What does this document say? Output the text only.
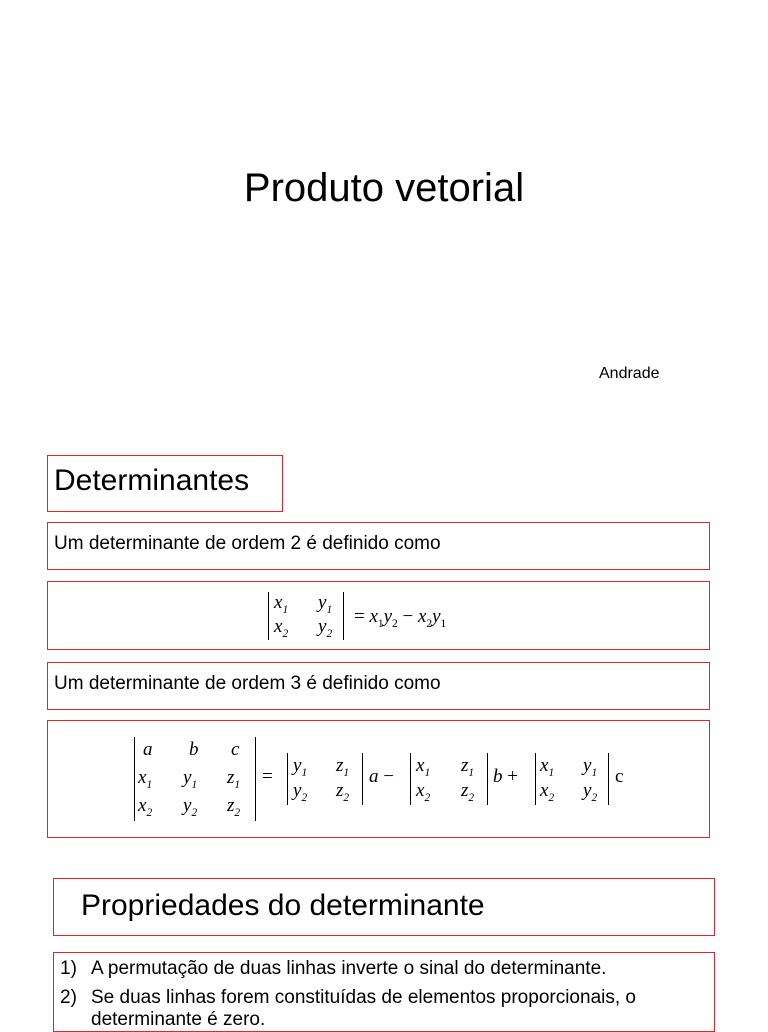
Produto vetorial
Andrade
Determinantes
Um determinante de ordem 2 é definido como
$x_1$ $y_1$
$x_2$ $y_2$
= $x_1y_2 - x_2y_1$
Um determinante de ordem 3 é definido como
a b c
$x_1$ $y_1$ $z_1$
$x_2$ $y_2$ $z_2$
=
$y_1$ $z_1$
$y_2$ $z_2$
a −
$x_1$ $z_1$
$x_2$ $z_2$
b +
$x_1$ $y_1$
$x_2$ $y_2$
c
Propriedades do determinante
1) A permutação de duas linhas inverte o sinal do determinante.
2) Se duas linhas forem constituídas de elementos proporcionais, o determinante é zero.
